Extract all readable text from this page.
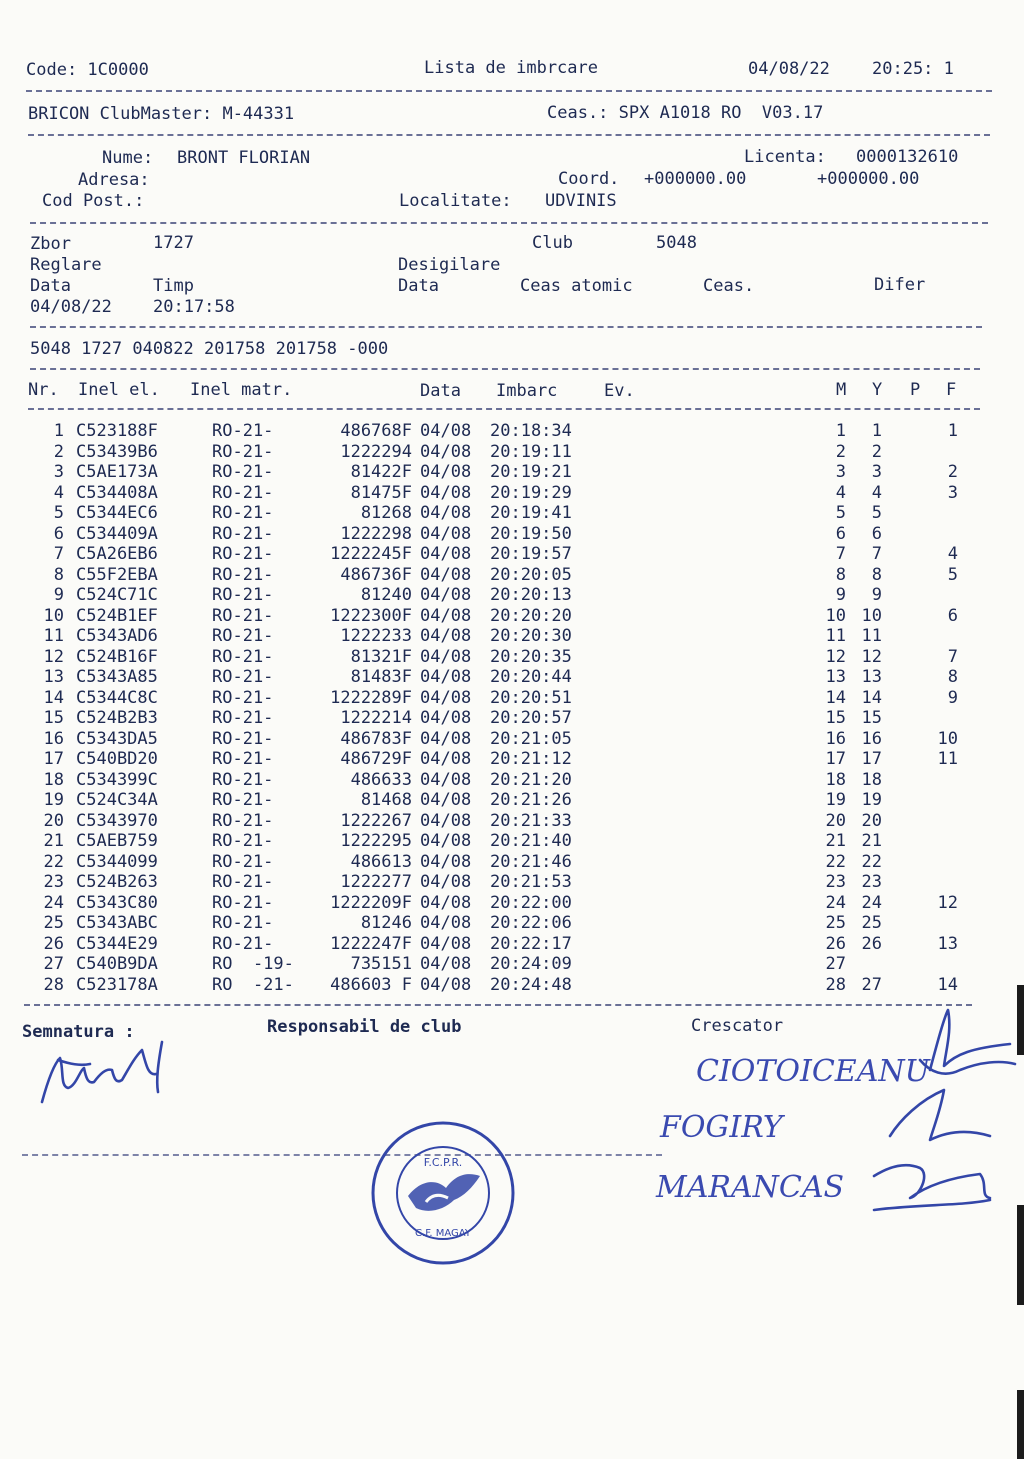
Code: 1C0000	Lista de imbrcare	04/08/22 20:25: 1
BRICON ClubMaster: M-44331	Ceas.: SPX A1018 RO  V03.17
Nume: BRONT FLORIAN	Licenta: 0000132610
Adresa:	Coord. +000000.00	+000000.00
Cod Post.:	Localitate: UDVINIS
Zbor	1727	Club	5048
Reglare	Desigilare
Data	Timp	Data	Ceas atomic	Ceas.	Difer
04/08/22 20:17:58
5048 1727 040822 201758 201758 -000
Nr. Inel el. Inel matr.	Data Imbarc	Ev.	M Y P F
1 C523188F	RO-21-	486768F 04/08 20:18:34	1	1	1
2 C53439B6	RO-21-	1222294 04/08 20:19:11	2	2
3 C5AE173A	RO-21-	81422F 04/08 20:19:21	3	3	2
4 C534408A	RO-21-	81475F 04/08 20:19:29	4	4	3
5 C5344EC6	RO-21-	81268 04/08 20:19:41	5	5
6 C534409A	RO-21-	1222298 04/08 20:19:50	6	6
7 C5A26EB6	RO-21-	1222245F 04/08 20:19:57	7	7	4
8 C55F2EBA	RO-21-	486736F 04/08 20:20:05	8	8	5
9 C524C71C	RO-21-	81240 04/08 20:20:13	9	9
10 C524B1EF	RO-21-	1222300F 04/08 20:20:20	10 10	6
11 C5343AD6	RO-21-	1222233 04/08 20:20:30	11 11
12 C524B16F	RO-21-	81321F 04/08 20:20:35	12 12	7
13 C5343A85	RO-21-	81483F 04/08 20:20:44	13 13	8
14 C5344C8C	RO-21-	1222289F 04/08 20:20:51	14 14	9
15 C524B2B3	RO-21-	1222214 04/08 20:20:57	15 15
16 C5343DA5	RO-21-	486783F 04/08 20:21:05	16 16	10
17 C540BD20	RO-21-	486729F 04/08 20:21:12	17 17	11
18 C534399C	RO-21-	486633 04/08 20:21:20	18 18
19 C524C34A	RO-21-	81468 04/08 20:21:26	19 19
20 C5343970	RO-21-	1222267 04/08 20:21:33	20 20
21 C5AEB759	RO-21-	1222295 04/08 20:21:40	21 21
22 C5344099	RO-21-	486613 04/08 20:21:46	22 22
23 C524B263	RO-21-	1222277 04/08 20:21:53	23 23
24 C5343C80	RO-21-	1222209F 04/08 20:22:00	24 24	12
25 C5343ABC	RO-21-	81246 04/08 20:22:06	25 25
26 C5344E29	RO-21-	1222247F 04/08 20:22:17	26 26	13
27 C540B9DA	RO  -19-	735151 04/08 20:24:09	27
28 C523178A	RO  -21-	486603 F 04/08 20:24:48	28 27	14
Semnatura :	Responsabil de club	Crescator
CIOTOICEANU
FOGIRY
MARANCAS
F.C.P.R.
C.F. MAGAY
